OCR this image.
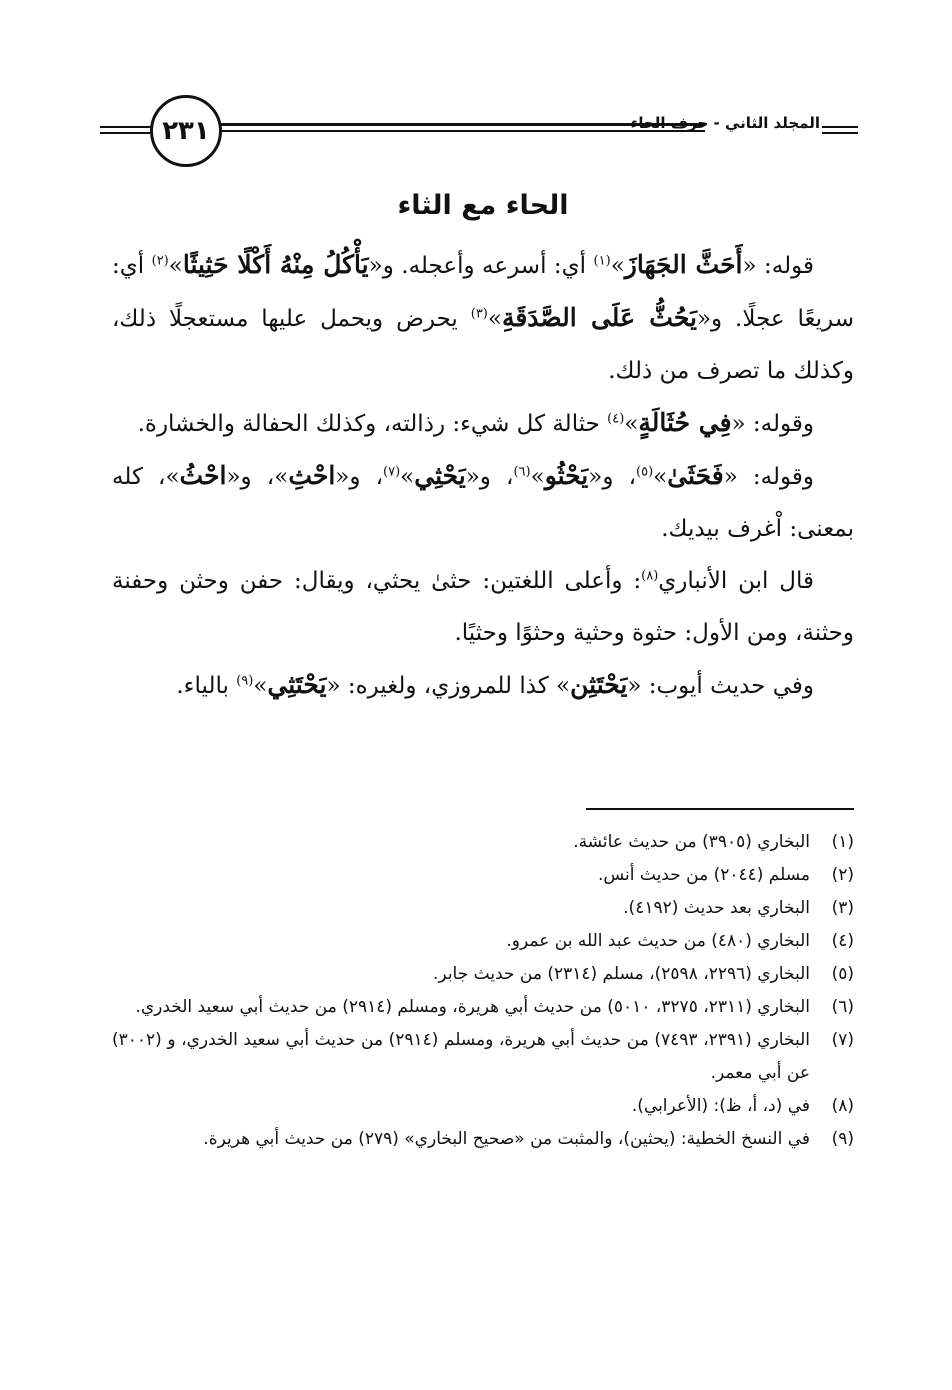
٢٣١	المجلد الثاني - حرف الحاء
الحاء مع الثاء

قوله: «أَحَثَّ الجَهَازَ»$^{(١)}$ أي: أسرعه وأعجله. و«يَأْكُلُ مِنْهُ أَكْلًا حَثِيثًا»$^{(٢)}$ أي: سريعًا عجلًا. و«يَحُثُّ عَلَى الصَّدَقَةِ»$^{(٣)}$ يحرض ويحمل عليها مستعجلًا ذلك، وكذلك ما تصرف من ذلك.

وقوله: «فِي حُثَالَةٍ»$^{(٤)}$ حثالة كل شيء: رذالته، وكذلك الحفالة والخشارة.

وقوله: «فَحَثَىٰ»$^{(٥)}$، و«يَحْثُو»$^{(٦)}$، و«يَحْثِي»$^{(٧)}$، و«احْثِ»، و«احْثُ»، كله بمعنى: اْغرف بيديك.

قال ابن الأنباري$^{(٨)}$: وأعلى اللغتين: حثىٰ يحثي، ويقال: حفن وحثن وحفنة وحثنة، ومن الأول: حثوة وحثية وحثوًا وحثيًا.

وفي حديث أيوب: «يَحْتَثِن» كذا للمروزي، ولغيره: «يَحْتَثِي»$^{(٩)}$ بالياء.

(١)
البخاري (٣٩٠٥) من حديث عائشة.
(٢)
مسلم (٢٠٤٤) من حديث أنس.
(٣)
البخاري بعد حديث (٤١٩٢).
(٤)
البخاري (٤٨٠) من حديث عبد الله بن عمرو.
(٥)
البخاري (٢٢٩٦، ٢٥٩٨)، مسلم (٢٣١٤) من حديث جابر.
(٦)
البخاري (٢٣١١، ٣٢٧٥، ٥٠١٠) من حديث أبي هريرة، ومسلم (٢٩١٤) من حديث أبي سعيد الخدري.
(٧)
البخاري (٢٣٩١، ٧٤٩٣) من حديث أبي هريرة، ومسلم (٢٩١٤) من حديث أبي سعيد الخدري، و (٣٠٠٢) عن أبي معمر.
(٨)
في (د، أ، ظ): (الأعرابي).
(٩)
في النسخ الخطية: (يحثين)، والمثبت من «صحيح البخاري» (٢٧٩) من حديث أبي هريرة.
